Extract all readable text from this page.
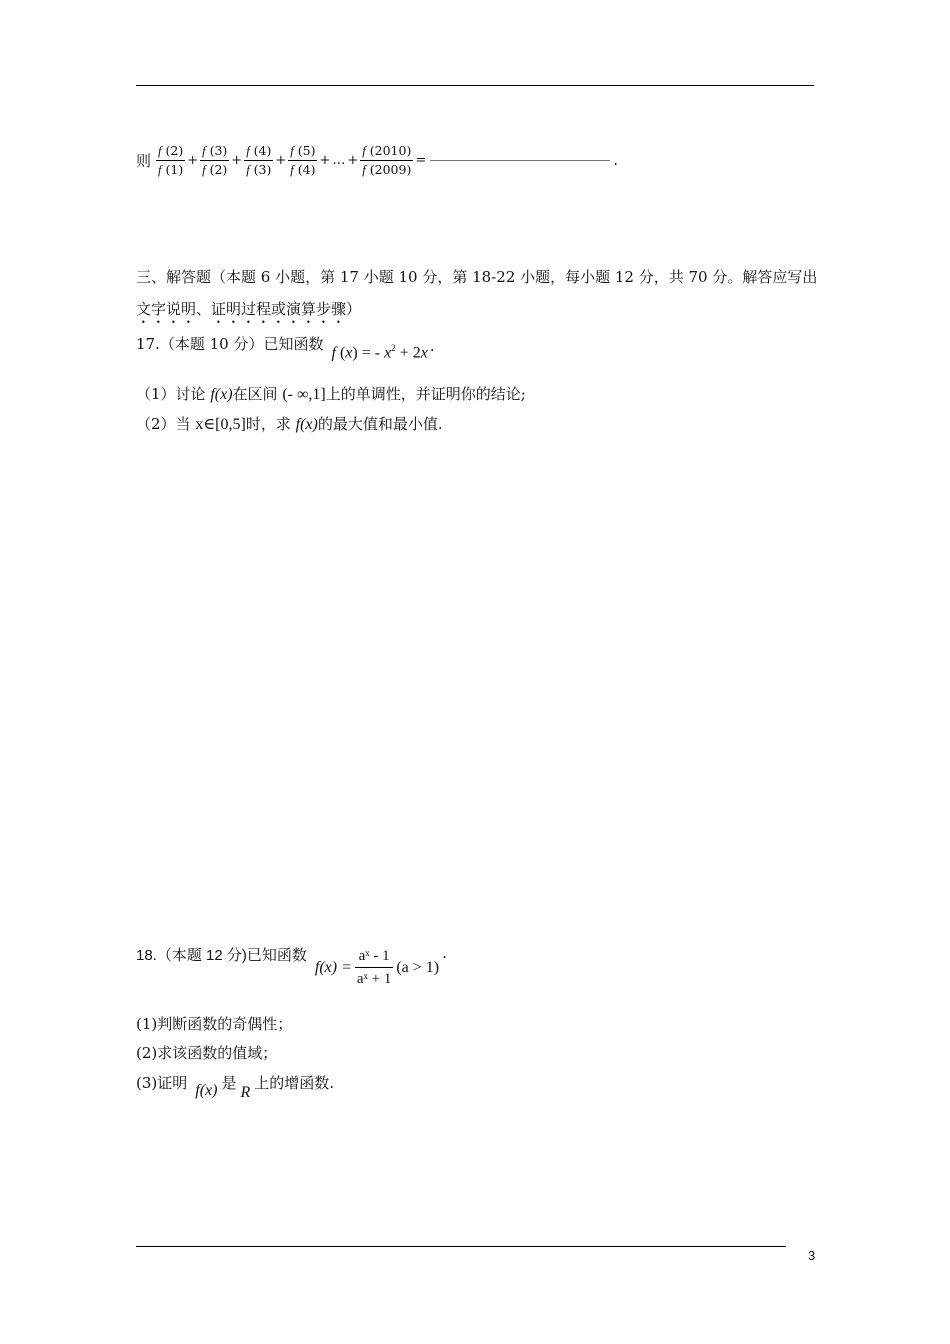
则 $\frac{f (2)}{f (1)} + \frac{f (3)}{f (2)} + \frac{f (4)}{f (3)} + \frac{f (5)}{f (4)}$ + … + $\frac{f (2010)}{f (2009)}$ =	.
三、解答题（本题 6 小题，第 17 小题 10 分，第 18-22 小题，每小题 12 分，共 70 分。解答应写出
文字说明、证明过程或演算步骤）
17.（本题 10 分）已知函数 f (x) = - $x^2 + 2x$ .
（1）讨论 f(x)在区间 (- ∞,1]上的单调性，并证明你的结论;
（2）当 x∈[0,5]时，求 f(x)的最大值和最小值.
18.（本题 12 分)已知函数
$f(x) = \frac{\text{aˣ - 1}}{\text{aˣ + 1}} (a > 1)$
.
(1)判断函数的奇偶性；
(2)求该函数的值域；
(3)证明 f(x) 是
R
上的增函数.
3
